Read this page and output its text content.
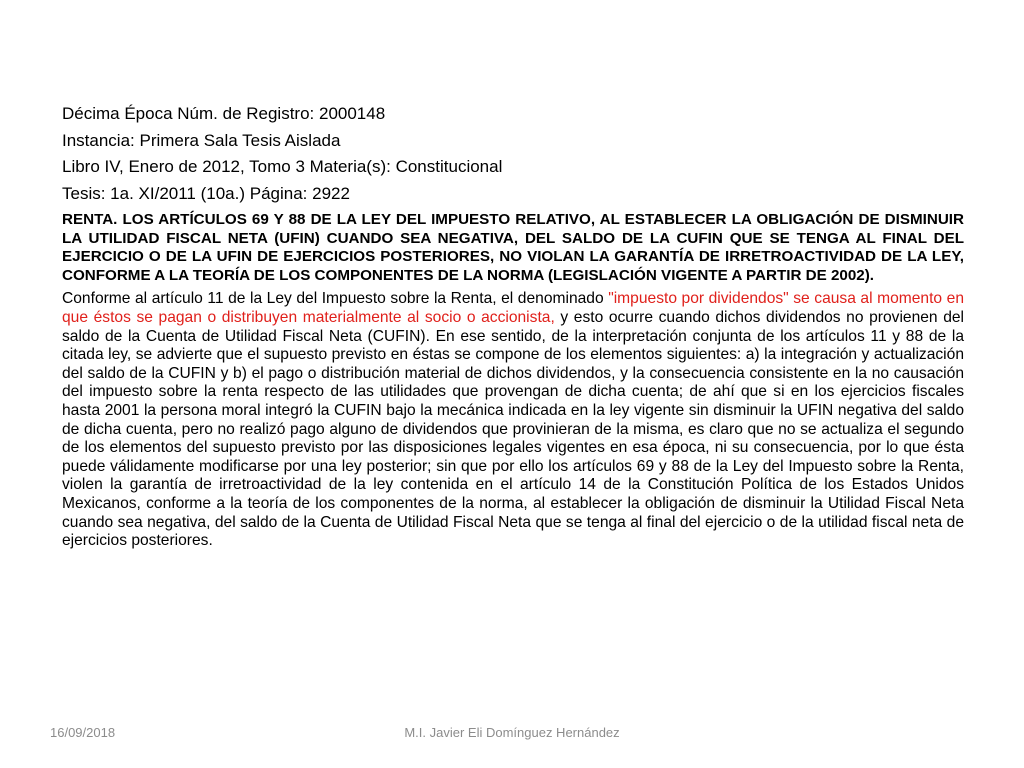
Décima Época Núm. de Registro: 2000148

Instancia: Primera Sala Tesis Aislada

Libro IV, Enero de 2012, Tomo 3 Materia(s): Constitucional

Tesis: 1a. XI/2011 (10a.) Página: 2922

RENTA. LOS ARTÍCULOS 69 Y 88 DE LA LEY DEL IMPUESTO RELATIVO, AL ESTABLECER LA OBLIGACIÓN DE DISMINUIR LA UTILIDAD FISCAL NETA (UFIN) CUANDO SEA NEGATIVA, DEL SALDO DE LA CUFIN QUE SE TENGA AL FINAL DEL EJERCICIO O DE LA UFIN DE EJERCICIOS POSTERIORES, NO VIOLAN LA GARANTÍA DE IRRETROACTIVIDAD DE LA LEY, CONFORME A LA TEORÍA DE LOS COMPONENTES DE LA NORMA (LEGISLACIÓN VIGENTE A PARTIR DE 2002).

Conforme al artículo 11 de la Ley del Impuesto sobre la Renta, el denominado "impuesto por dividendos" se causa al momento en que éstos se pagan o distribuyen materialmente al socio o accionista, y esto ocurre cuando dichos dividendos no provienen del saldo de la Cuenta de Utilidad Fiscal Neta (CUFIN). En ese sentido, de la interpretación conjunta de los artículos 11 y 88 de la citada ley, se advierte que el supuesto previsto en éstas se compone de los elementos siguientes: a) la integración y actualización del saldo de la CUFIN y b) el pago o distribución material de dichos dividendos, y la consecuencia consistente en la no causación del impuesto sobre la renta respecto de las utilidades que provengan de dicha cuenta; de ahí que si en los ejercicios fiscales hasta 2001 la persona moral integró la CUFIN bajo la mecánica indicada en la ley vigente sin disminuir la UFIN negativa del saldo de dicha cuenta, pero no realizó pago alguno de dividendos que provinieran de la misma, es claro que no se actualiza el segundo de los elementos del supuesto previsto por las disposiciones legales vigentes en esa época, ni su consecuencia, por lo que ésta puede válidamente modificarse por una ley posterior; sin que por ello los artículos 69 y 88 de la Ley del Impuesto sobre la Renta, violen la garantía de irretroactividad de la ley contenida en el artículo 14 de la Constitución Política de los Estados Unidos Mexicanos, conforme a la teoría de los componentes de la norma, al establecer la obligación de disminuir la Utilidad Fiscal Neta cuando sea negativa, del saldo de la Cuenta de Utilidad Fiscal Neta que se tenga al final del ejercicio o de la utilidad fiscal neta de ejercicios posteriores.

16/09/2018	M.I. Javier Eli Domínguez Hernández
